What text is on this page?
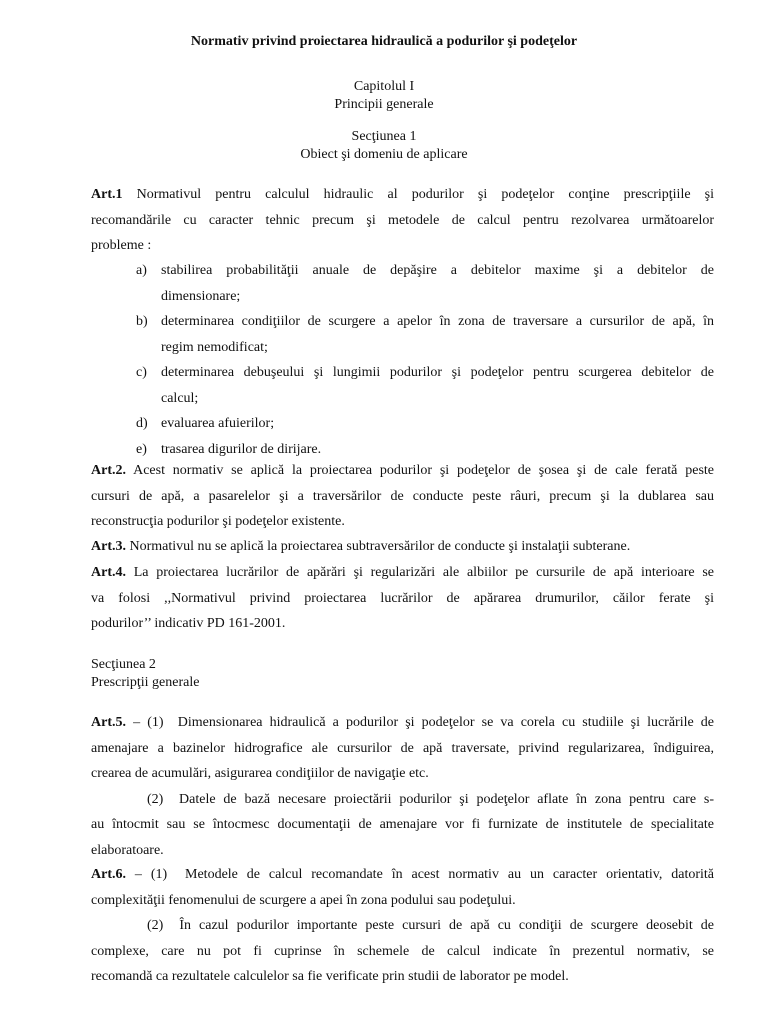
Normativ privind proiectarea hidraulică a podurilor şi podeţelor
Capitolul I
Principii generale
Secţiunea 1
Obiect şi domeniu de aplicare
Art.1 Normativul pentru calculul hidraulic al podurilor şi podeţelor conţine prescripţiile şi
recomandările cu caracter tehnic precum şi metodele de calcul pentru rezolvarea următoarelor
probleme :
a) stabilirea probabilităţii anuale de depăşire a debitelor maxime şi a debitelor de
dimensionare;
b) determinarea condiţiilor de scurgere a apelor în zona de traversare a cursurilor de apă, în
regim nemodificat;
c) determinarea debuşeului şi lungimii podurilor şi podeţelor pentru scurgerea debitelor de
calcul;
d) evaluarea afuierilor;
e) trasarea digurilor de dirijare.
Art.2. Acest normativ se aplică la proiectarea podurilor şi podeţelor de şosea şi de cale ferată peste
cursuri de apă, a pasarelelor şi a traversărilor de conducte peste râuri, precum şi la dublarea sau
reconstrucţia podurilor şi podeţelor existente.
Art.3. Normativul nu se aplică la proiectarea subtraversărilor de conducte şi instalaţii subterane.
Art.4. La proiectarea lucrărilor de apărări şi regularizări ale albiilor pe cursurile de apă interioare se
va folosi ,,Normativul privind proiectarea lucrărilor de apărarea drumurilor, căilor ferate şi
podurilor’’ indicativ PD 161-2001.
Secţiunea 2
Prescripţii generale
Art.5. – (1) Dimensionarea hidraulică a podurilor şi podeţelor se va corela cu studiile şi lucrările de
amenajare a bazinelor hidrografice ale cursurilor de apă traversate, privind regularizarea, îndiguirea,
crearea de acumulări, asigurarea condiţiilor de navigaţie etc.
(2) Datele de bază necesare proiectării podurilor şi podeţelor aflate în zona pentru care s-
au întocmit sau se întocmesc documentaţii de amenajare vor fi furnizate de institutele de specialitate
elaboratoare.
Art.6. – (1) Metodele de calcul recomandate în acest normativ au un caracter orientativ, datorită
complexităţii fenomenului de scurgere a apei în zona podului sau podeţului.
(2) În cazul podurilor importante peste cursuri de apă cu condiţii de scurgere deosebit de
complexe, care nu pot fi cuprinse în schemele de calcul indicate în prezentul normativ, se
recomandă ca rezultatele calculelor sa fie verificate prin studii de laborator pe model.
